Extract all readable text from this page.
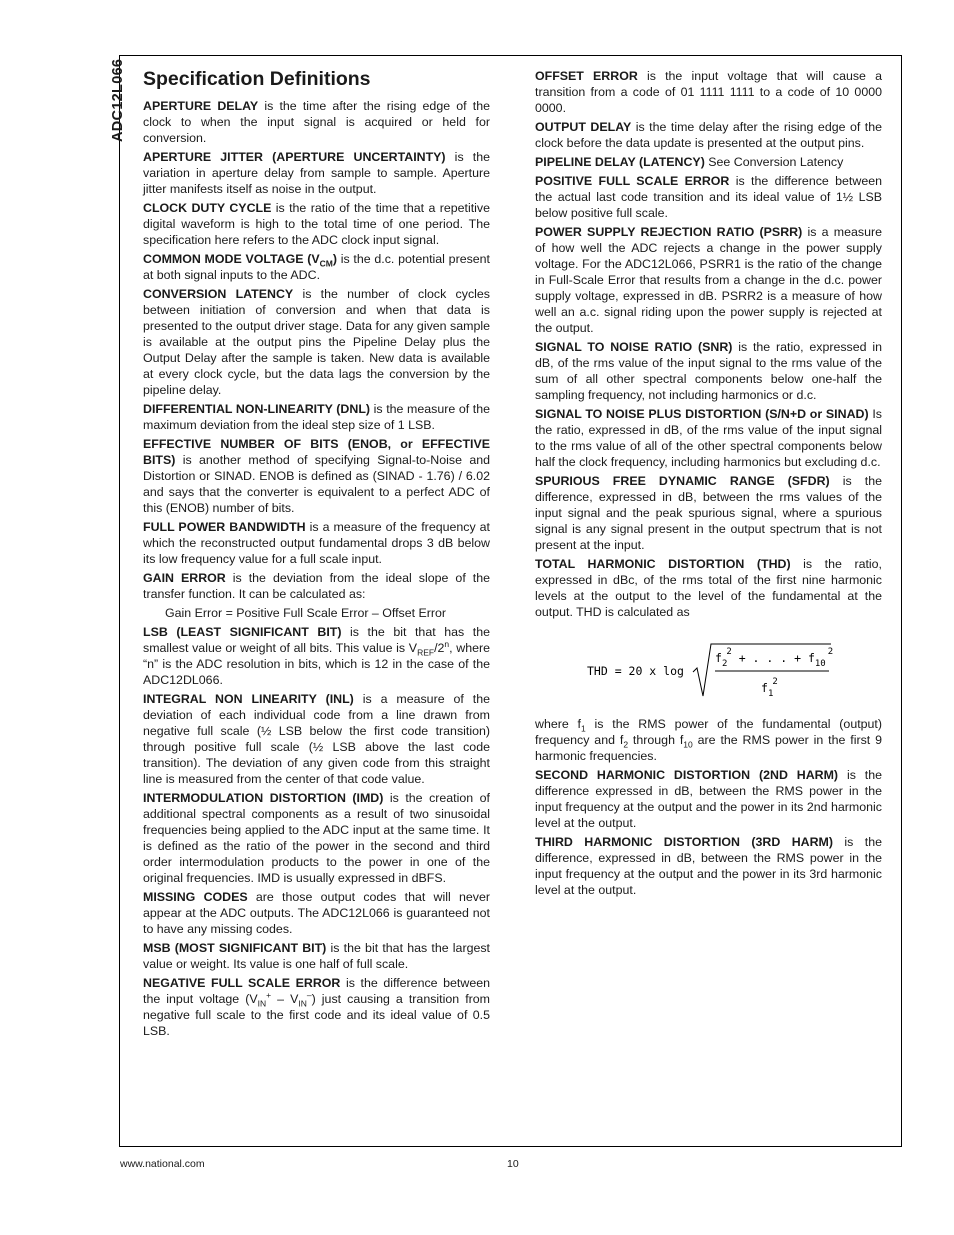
ADC12L066 Specification Definitions

APERTURE DELAY is the time after the rising edge of the clock to when the input signal is acquired or held for conversion.

APERTURE JITTER (APERTURE UNCERTAINTY) is the variation in aperture delay from sample to sample. Aperture jitter manifests itself as noise in the output.

CLOCK DUTY CYCLE is the ratio of the time that a repetitive digital waveform is high to the total time of one period. The specification here refers to the ADC clock input signal.

COMMON MODE VOLTAGE $(V_{CM})$ is the d.c. potential present at both signal inputs to the ADC.

CONVERSION LATENCY is the number of clock cycles between initiation of conversion and when that data is presented to the output driver stage. Data for any given sample is available at the output pins the Pipeline Delay plus the Output Delay after the sample is taken. New data is available at every clock cycle, but the data lags the conversion by the pipeline delay.

DIFFERENTIAL NON-LINEARITY (DNL) is the measure of the maximum deviation from the ideal step size of 1 LSB.

EFFECTIVE NUMBER OF BITS (ENOB, or EFFECTIVE BITS) is another method of specifying Signal-to-Noise and Distortion or SINAD. ENOB is defined as (SINAD - 1.76) / 6.02 and says that the converter is equivalent to a perfect ADC of this (ENOB) number of bits.

FULL POWER BANDWIDTH is a measure of the frequency at which the reconstructed output fundamental drops 3 dB below its low frequency value for a full scale input.

GAIN ERROR is the deviation from the ideal slope of the transfer function. It can be calculated as:

Gain Error = Positive Full Scale Error – Offset Error

LSB (LEAST SIGNIFICANT BIT) is the bit that has the smallest value or weight of all bits. This value is $V_{REF}/2^n$, where “n” is the ADC resolution in bits, which is 12 in the case of the ADC12DL066.

INTEGRAL NON LINEARITY (INL) is a measure of the deviation of each individual code from a line drawn from negative full scale (½ LSB below the first code transition) through positive full scale (½ LSB above the last code transition). The deviation of any given code from this straight line is measured from the center of that code value.

INTERMODULATION DISTORTION (IMD) is the creation of additional spectral components as a result of two sinusoidal frequencies being applied to the ADC input at the same time. It is defined as the ratio of the power in the second and third order intermodulation products to the power in one of the original frequencies. IMD is usually expressed in dBFS.

MISSING CODES are those output codes that will never appear at the ADC outputs. The ADC12L066 is guaranteed not to have any missing codes.

MSB (MOST SIGNIFICANT BIT) is the bit that has the largest value or weight. Its value is one half of full scale.

NEGATIVE FULL SCALE ERROR is the difference between the input voltage $(V_{IN}^+ - V_{IN}^-)$ just causing a transition from negative full scale to the first code and its ideal value of 0.5 LSB.

OFFSET ERROR is the input voltage that will cause a transition from a code of 01 1111 1111 to a code of 10 0000 0000.

OUTPUT DELAY is the time delay after the rising edge of the clock before the data update is presented at the output pins.

PIPELINE DELAY (LATENCY) See Conversion Latency

POSITIVE FULL SCALE ERROR is the difference between the actual last code transition and its ideal value of 1½ LSB below positive full scale.

POWER SUPPLY REJECTION RATIO (PSRR) is a measure of how well the ADC rejects a change in the power supply voltage. For the ADC12L066, PSRR1 is the ratio of the change in Full-Scale Error that results from a change in the d.c. power supply voltage, expressed in dB. PSRR2 is a measure of how well an a.c. signal riding upon the power supply is rejected at the output.

SIGNAL TO NOISE RATIO (SNR) is the ratio, expressed in dB, of the rms value of the input signal to the rms value of the sum of all other spectral components below one-half the sampling frequency, not including harmonics or d.c.

SIGNAL TO NOISE PLUS DISTORTION (S/N+D or SINAD) Is the ratio, expressed in dB, of the rms value of the input signal to the rms value of all of the other spectral components below half the clock frequency, including harmonics but excluding d.c.

SPURIOUS FREE DYNAMIC RANGE (SFDR) is the difference, expressed in dB, between the rms values of the input signal and the peak spurious signal, where a spurious signal is any signal present in the output spectrum that is not present at the input.

TOTAL HARMONIC DISTORTION (THD) is the ratio, expressed in dBc, of the rms total of the first nine harmonic levels at the output to the level of the fundamental at the output. THD is calculated as

THD = 20 x log
$f_22$ + . . . + $f_{10}^2$
$f_12$

where $f_1$ is the RMS power of the fundamental (output) frequency and $f_2$ through $f_{10}$ are the RMS power in the first 9 harmonic frequencies.

SECOND HARMONIC DISTORTION (2ND HARM) is the difference expressed in dB, between the RMS power in the input frequency at the output and the power in its 2nd harmonic level at the output.

THIRD HARMONIC DISTORTION (3RD HARM) is the difference, expressed in dB, between the RMS power in the input frequency at the output and the power in its 3rd harmonic level at the output.

www.national.com	10
